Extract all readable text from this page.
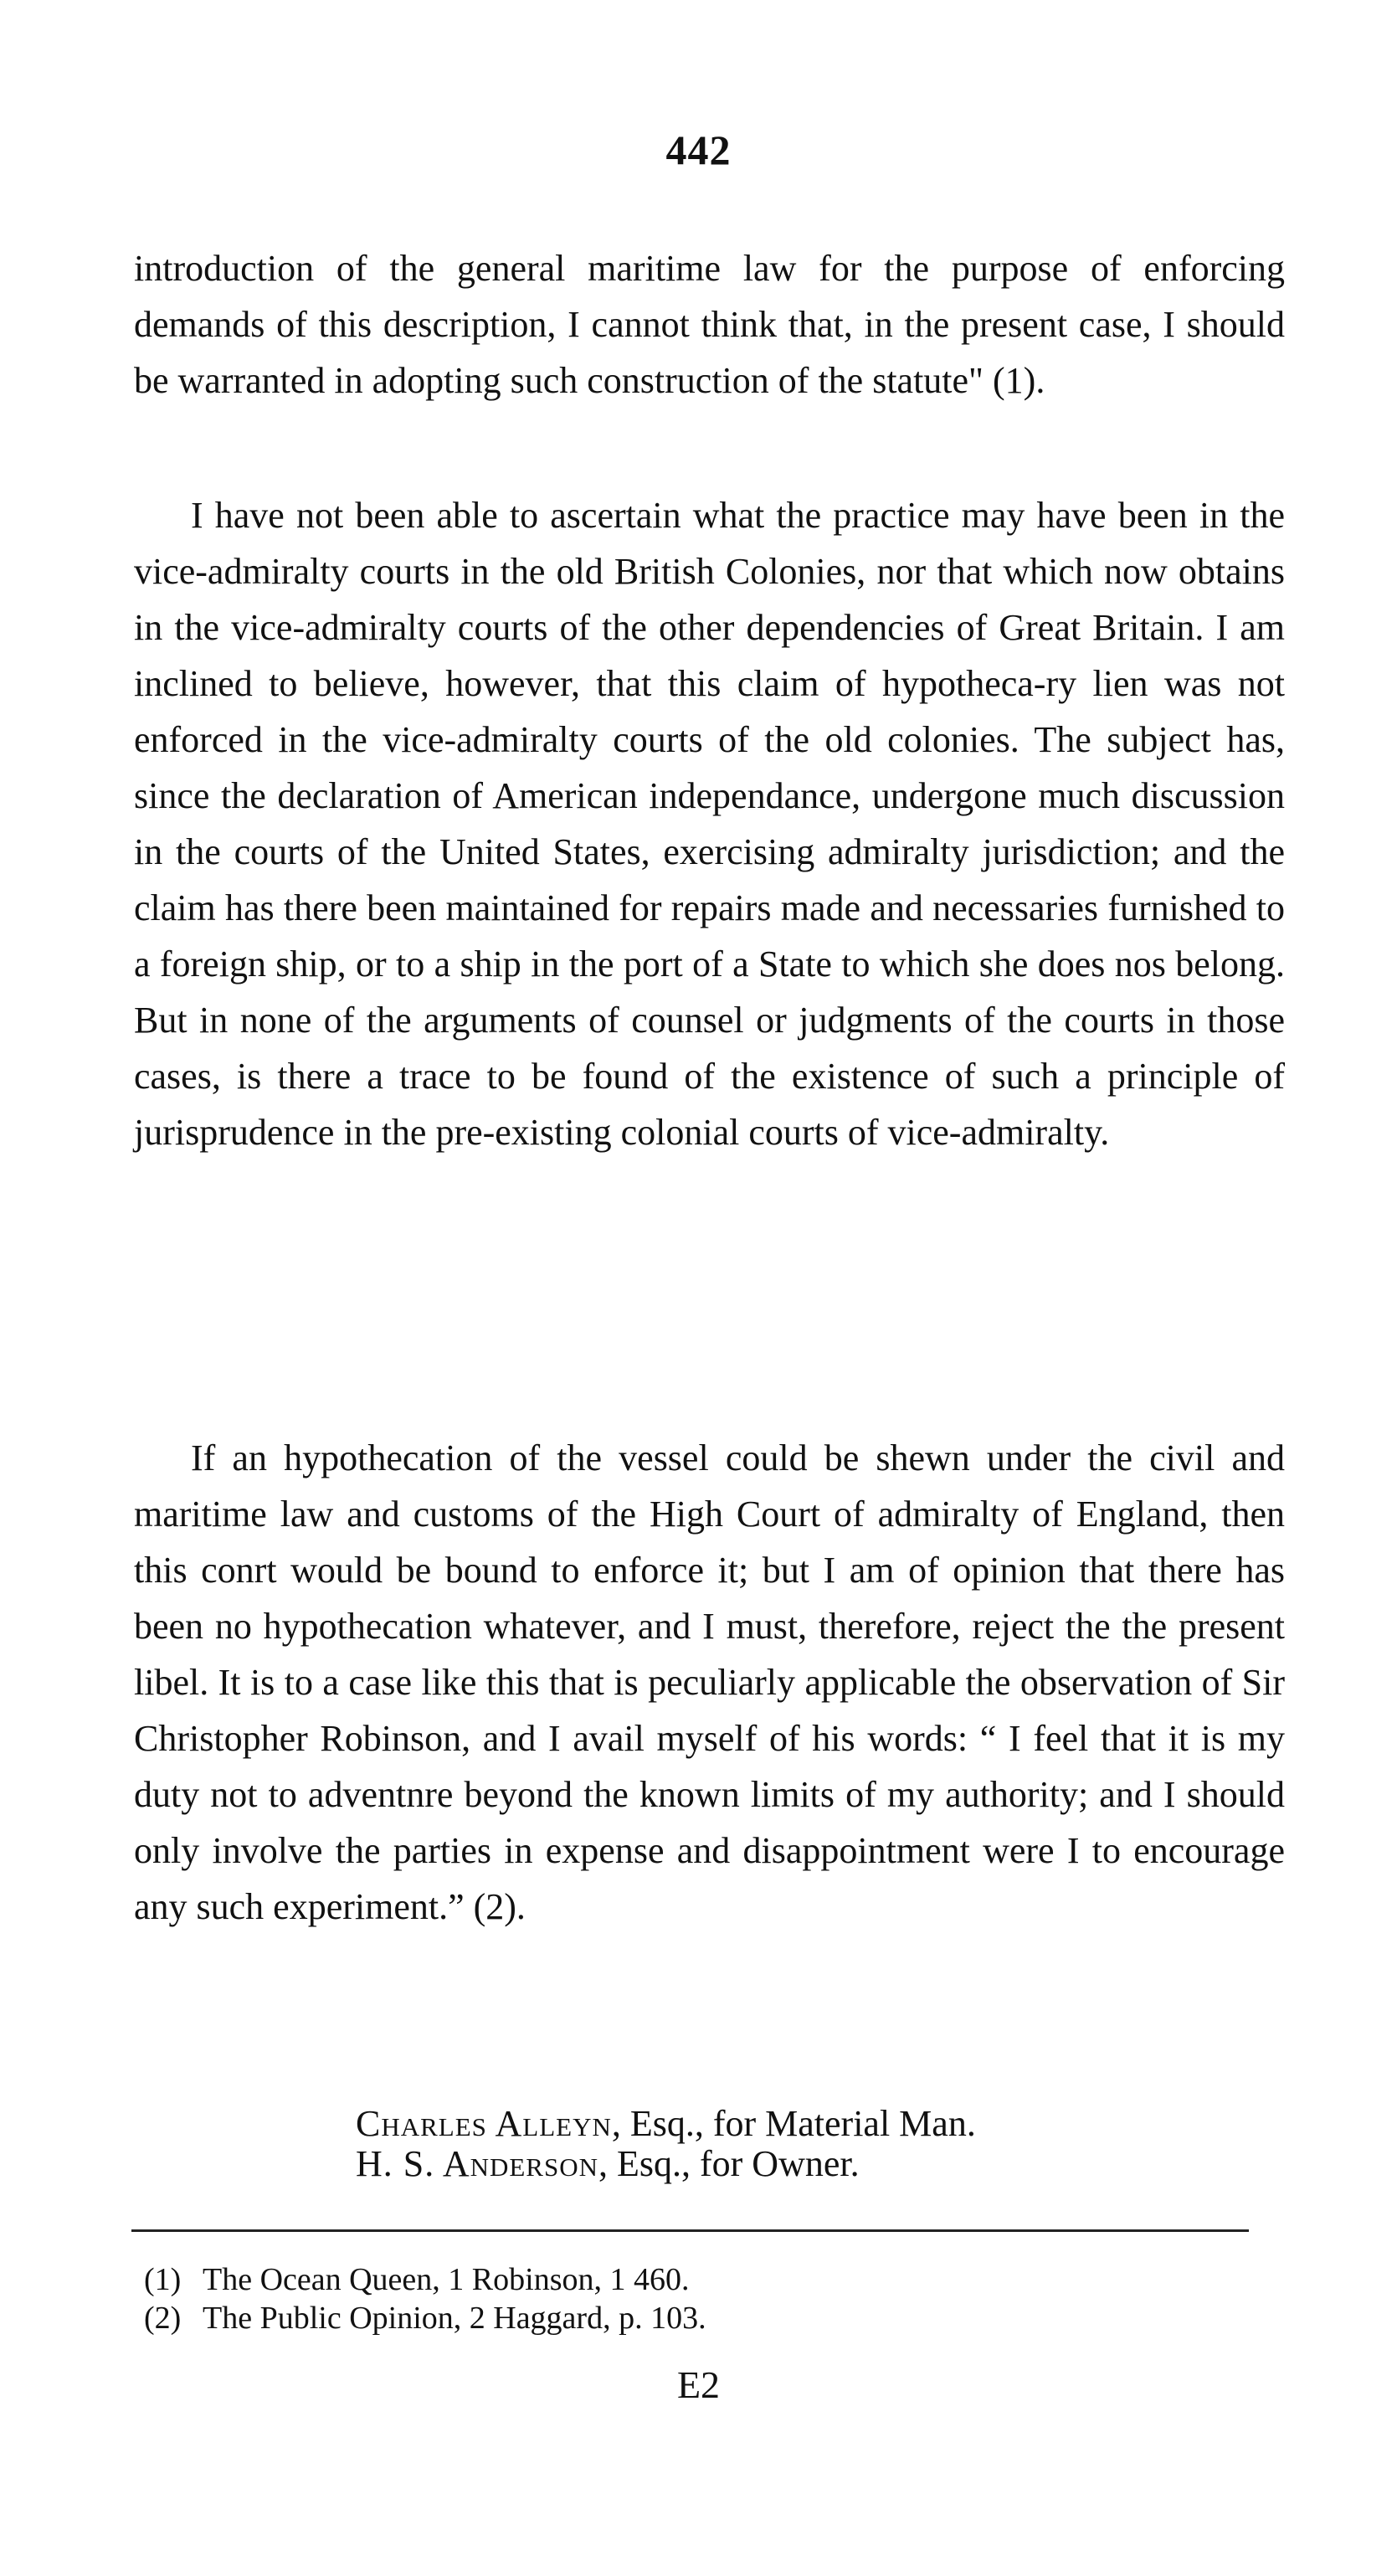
442

introduction of the general maritime law for the purpose of enforcing demands of this description, I cannot think that, in the present case, I should be warranted in adopting such construction of the statute" (1).

I have not been able to ascertain what the practice may have been in the vice-admiralty courts in the old British Colonies, nor that which now obtains in the vice-admiralty courts of the other dependencies of Great Britain. I am inclined to believe, however, that this claim of hypotheca-ry lien was not enforced in the vice-admiralty courts of the old colonies. The subject has, since the declaration of American independance, undergone much discussion in the courts of the United States, exercising admiralty jurisdiction; and the claim has there been maintained for repairs made and necessaries furnished to a foreign ship, or to a ship in the port of a State to which she does nos belong. But in none of the arguments of counsel or judgments of the courts in those cases, is there a trace to be found of the existence of such a principle of jurisprudence in the pre-existing colonial courts of vice-admiralty.

If an hypothecation of the vessel could be shewn under the civil and maritime law and customs of the High Court of admiralty of England, then this conrt would be bound to enforce it; but I am of opinion that there has been no hypothecation whatever, and I must, therefore, reject the the present libel. It is to a case like this that is peculiarly applicable the observation of Sir Christopher Robinson, and I avail myself of his words: “ I feel that it is my duty not to adventnre beyond the known limits of my authority; and I should only involve the parties in expense and disappointment were I to encourage any such experiment.” (2).

Charles Alleyn, Esq., for Material Man.
H. S. Anderson, Esq., for Owner.
(1) The Ocean Queen, 1 Robinson, 1 460.
(2) The Public Opinion, 2 Haggard, p. 103.
E2
